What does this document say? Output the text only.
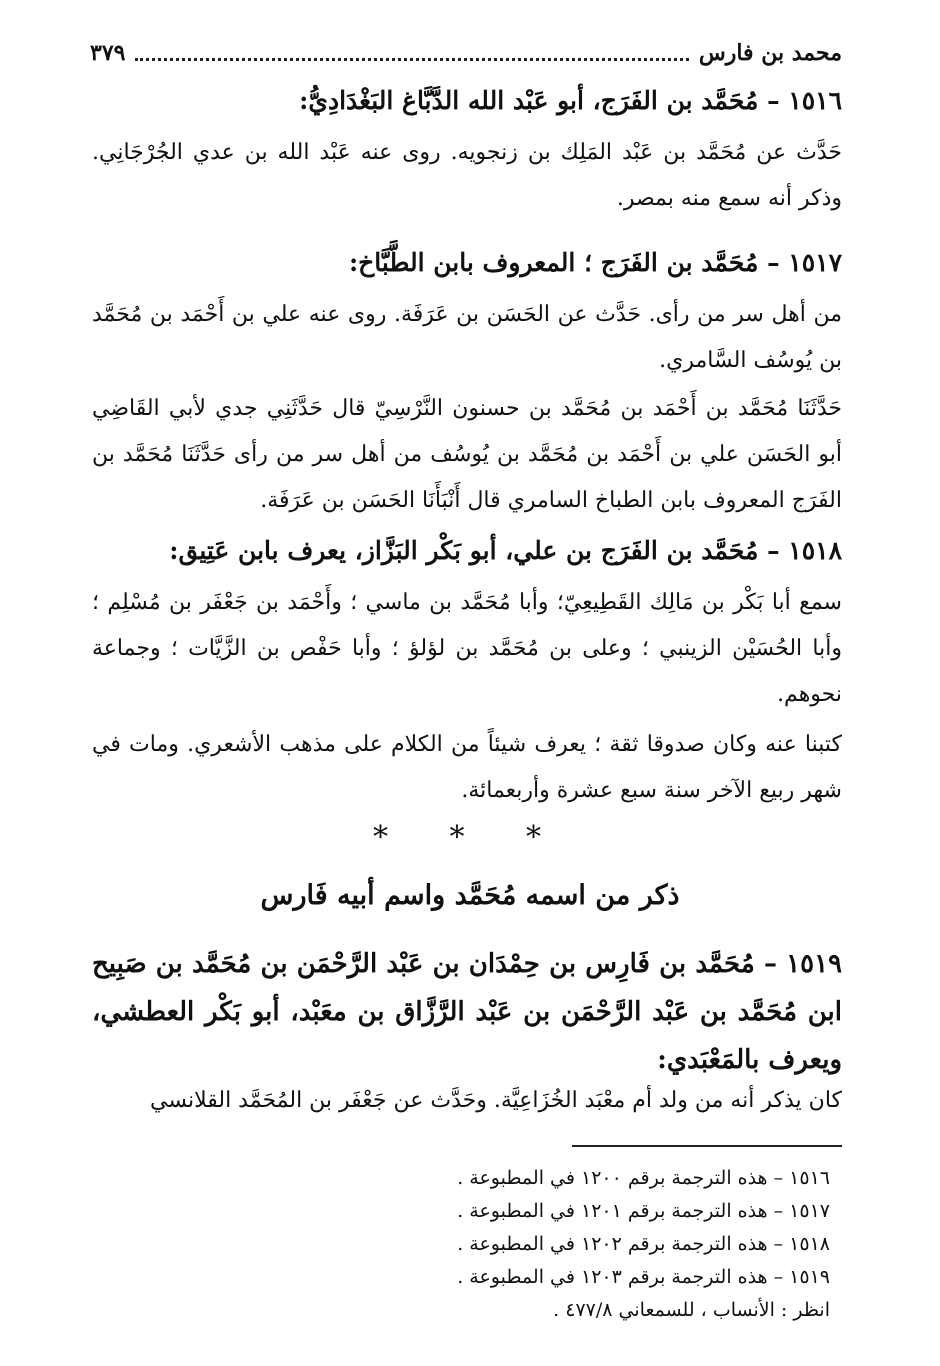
محمد بن فارس
٣٧٩
١٥١٦ – مُحَمَّد بن الفَرَج، أبو عَبْد الله الدَّبَّاغ البَغْدَادِيُّ:
حَدَّث عن مُحَمَّد بن عَبْد المَلِك بن زنجويه. روى عنه عَبْد الله بن عدي الجُرْجَانِي. وذكر أنه سمع منه بمصر.
١٥١٧ – مُحَمَّد بن الفَرَج ؛ المعروف بابن الطَّبَّاخ:
من أهل سر من رأى. حَدَّث عن الحَسَن بن عَرَفَة. روى عنه علي بن أَحْمَد بن مُحَمَّد بن يُوسُف السَّامري.
حَدَّثَنَا مُحَمَّد بن أَحْمَد بن مُحَمَّد بن حسنون النَّرْسِيّ قال حَدَّثَنِي جدي لأبي القَاضِي أبو الحَسَن علي بن أَحْمَد بن مُحَمَّد بن يُوسُف من أهل سر من رأى حَدَّثَنَا مُحَمَّد بن الفَرَج المعروف بابن الطباخ السامري قال أَنْبَأَنَا الحَسَن بن عَرَفَة.
١٥١٨ – مُحَمَّد بن الفَرَج بن علي، أبو بَكْر البَزَّاز، يعرف بابن عَتِيق:
سمع أبا بَكْر بن مَالِك القَطِيعِيّ؛ وأبا مُحَمَّد بن ماسي ؛ وأَحْمَد بن جَعْفَر بن مُسْلِم ؛ وأبا الحُسَيْن الزينبي ؛ وعلى بن مُحَمَّد بن لؤلؤ ؛ وأبا حَفْص بن الزَّيَّات ؛ وجماعة نحوهم.
كتبنا عنه وكان صدوقا ثقة ؛ يعرف شيئاً من الكلام على مذهب الأشعري. ومات في شهر ربيع الآخر سنة سبع عشرة وأربعمائة.
* * *
ذكر من اسمه مُحَمَّد واسم أبيه فَارس
١٥١٩ – مُحَمَّد بن فَارِس بن حِمْدَان بن عَبْد الرَّحْمَن بن مُحَمَّد بن صَبِيح ابن مُحَمَّد بن عَبْد الرَّحْمَن بن عَبْد الرَّزَّاق بن معَبْد، أبو بَكْر العطشي، ويعرف بالمَعْبَدي:
كان يذكر أنه من ولد أم معْبَد الخُزَاعِيَّة. وحَدَّث عن جَعْفَر بن المُحَمَّد القلانسي
١٥١٦ – هذه الترجمة برقم ١٢٠٠ في المطبوعة .
١٥١٧ – هذه الترجمة برقم ١٢٠١ في المطبوعة .
١٥١٨ – هذه الترجمة برقم ١٢٠٢ في المطبوعة .
١٥١٩ – هذه الترجمة برقم ١٢٠٣ في المطبوعة .
انظر : الأنساب ، للسمعاني ٤٧٧/٨ .
